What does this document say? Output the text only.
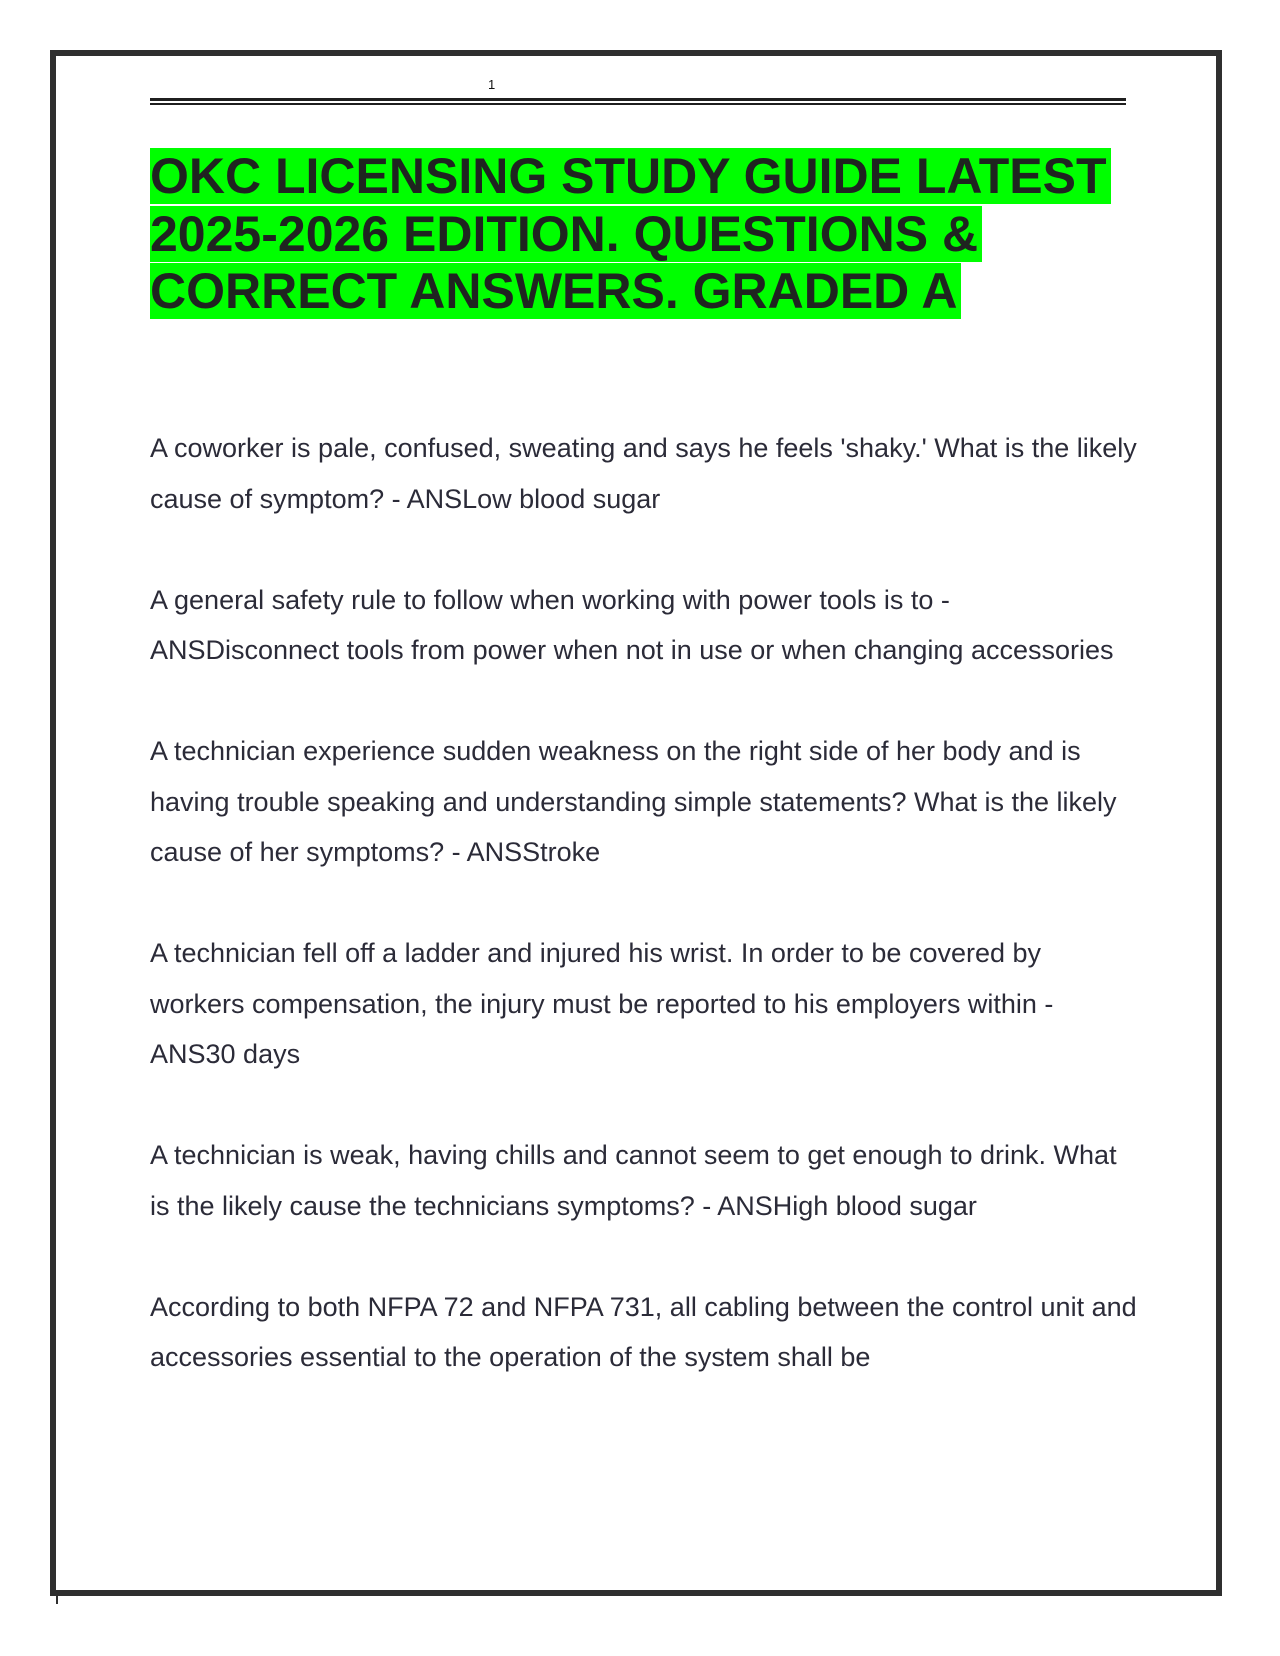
1
OKC LICENSING STUDY GUIDE LATEST 2025-2026 EDITION. QUESTIONS & CORRECT ANSWERS. GRADED A

A coworker is pale, confused, sweating and says he feels 'shaky.' What is the likely cause of symptom? - ANSLow blood sugar

A general safety rule to follow when working with power tools is to - ANSDisconnect tools from power when not in use or when changing accessories

A technician experience sudden weakness on the right side of her body and is having trouble speaking and understanding simple statements? What is the likely cause of her symptoms? - ANSStroke

A technician fell off a ladder and injured his wrist. In order to be covered by workers compensation, the injury must be reported to his employers within - ANS30 days

A technician is weak, having chills and cannot seem to get enough to drink. What is the likely cause the technicians symptoms? - ANSHigh blood sugar

According to both NFPA 72 and NFPA 731, all cabling between the control unit and accessories essential to the operation of the system shall be
